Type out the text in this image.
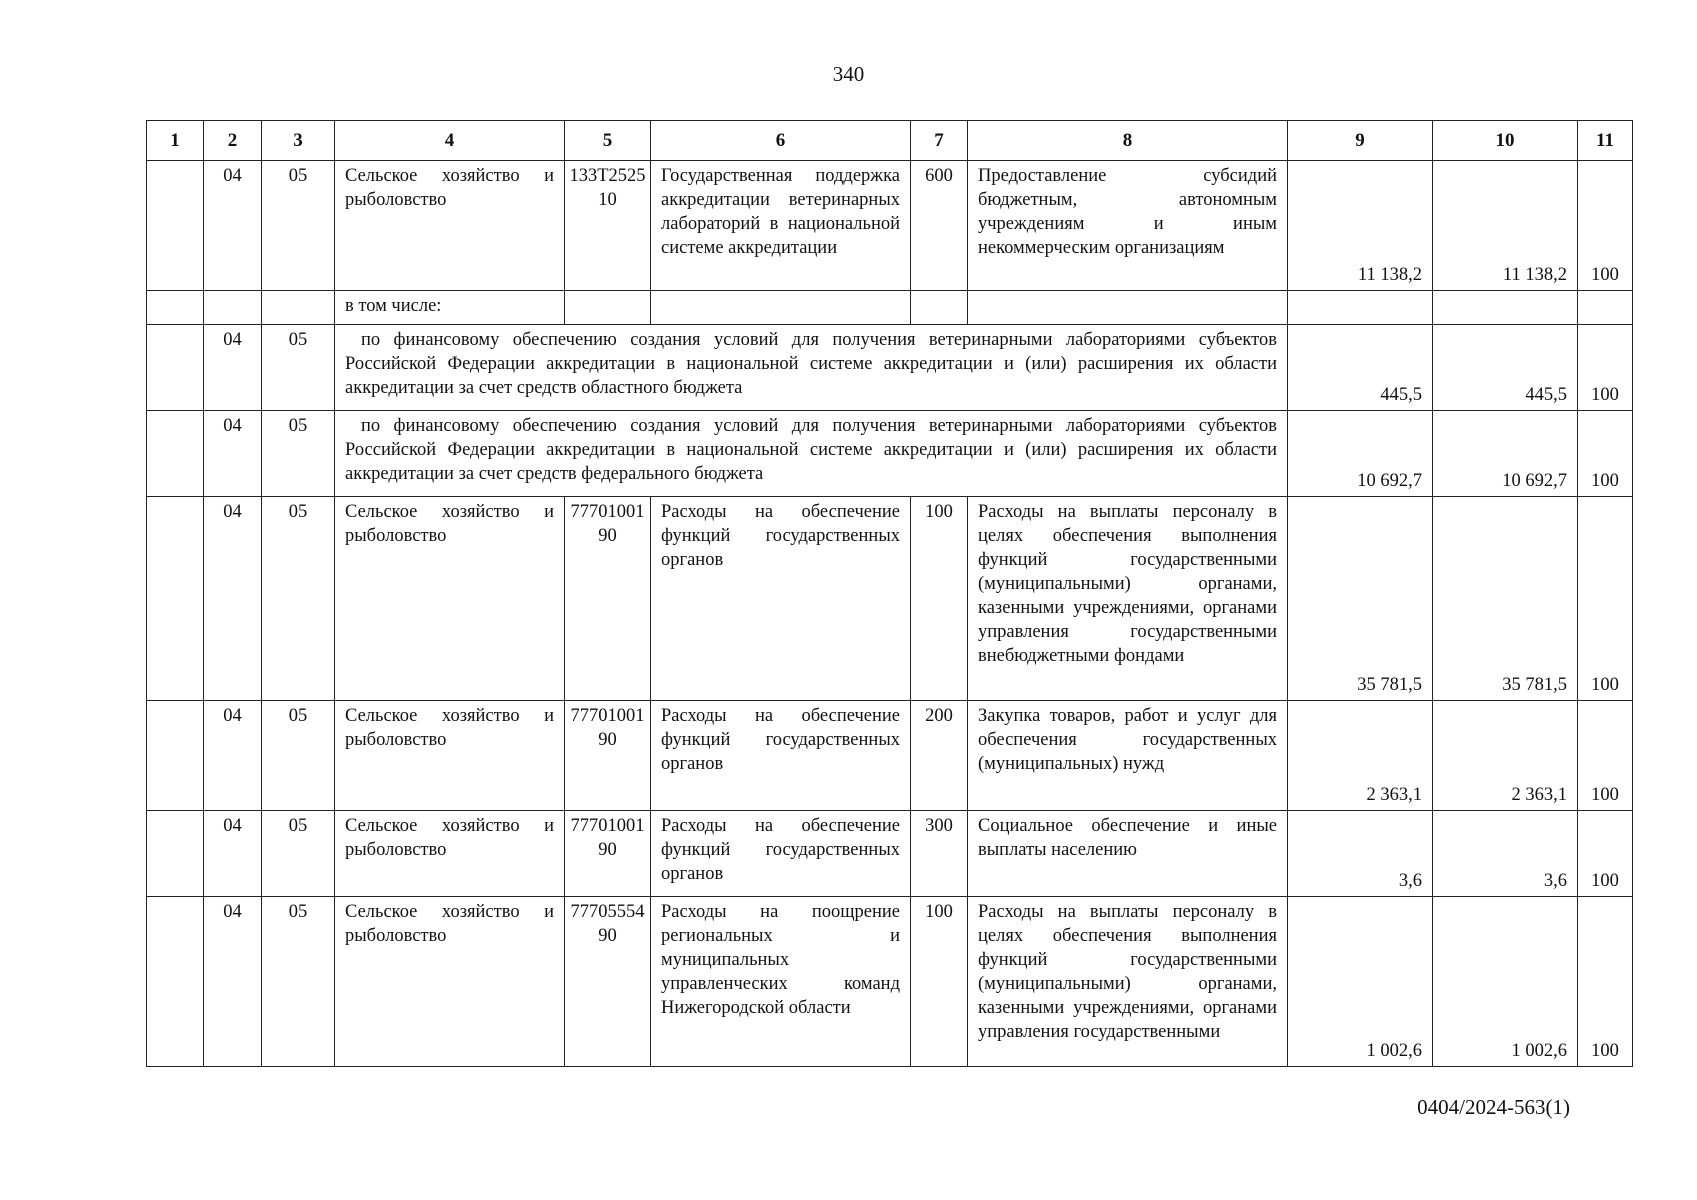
340
1	2	3	4	5	6	7	8	9	10	11
	04	05	Сельское хозяйство и рыболовство	133Т252510	Государственная поддержка аккредитации ветеринарных лабораторий в национальной системе аккредитации	600	Предоставление субсидий бюджетным, автономным учреждениям и иным некоммерческим организациям	11 138,2	11 138,2	100
			в том числе:							
	04	05	по финансовому обеспечению создания условий для получения ветеринарными лабораториями субъектов Российской Федерации аккредитации в национальной системе аккредитации и (или) расширения их области аккредитации за счет средств областного бюджета					445,5	445,5	100
	04	05	по финансовому обеспечению создания условий для получения ветеринарными лабораториями субъектов Российской Федерации аккредитации в национальной системе аккредитации и (или) расширения их области аккредитации за счет средств федерального бюджета					10 692,7	10 692,7	100
	04	05	Сельское хозяйство и рыболовство	7770100190	Расходы на обеспечение функций государственных органов	100	Расходы на выплаты персоналу в целях обеспечения выполнения функций государственными (муниципальными) органами, казенными учреждениями, органами управления государственными внебюджетными фондами	35 781,5	35 781,5	100
	04	05	Сельское хозяйство и рыболовство	7770100190	Расходы на обеспечение функций государственных органов	200	Закупка товаров, работ и услуг для обеспечения государственных (муниципальных) нужд	2 363,1	2 363,1	100
	04	05	Сельское хозяйство и рыболовство	7770100190	Расходы на обеспечение функций государственных органов	300	Социальное обеспечение и иные выплаты населению	3,6	3,6	100
	04	05	Сельское хозяйство и рыболовство	7770555490	Расходы на поощрение региональных и муниципальных управленческих команд Нижегородской области	100	Расходы на выплаты персоналу в целях обеспечения выполнения функций государственными (муниципальными) органами, казенными учреждениями, органами управления государственными	1 002,6	1 002,6	100
0404/2024-563(1)
